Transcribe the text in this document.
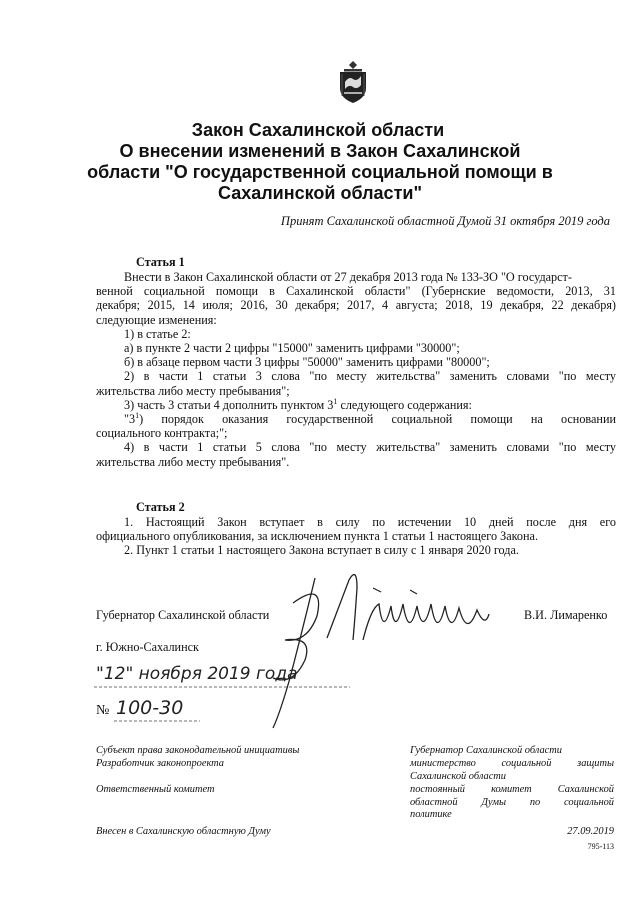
Закон Сахалинской области
О внесении изменений в Закон Сахалинской
области "О государственной социальной помощи в
Сахалинской области"
Принят Сахалинской областной Думой 31 октября 2019 года
Статья 1
Внести в Закон Сахалинской области от 27 декабря 2013 года № 133-ЗО "О государст-
венной социальной помощи в Сахалинской области" (Губернские ведомости, 2013, 31
декабря; 2015, 14 июля; 2016, 30 декабря; 2017, 4 августа; 2018, 19 декабря, 22 декабря)
следующие изменения:
1) в статье 2:
а) в пункте 2 части 2 цифры "15000" заменить цифрами "30000";
б) в абзаце первом части 3 цифры "50000" заменить цифрами "80000";
2) в части 1 статьи 3 слова "по месту жительства" заменить словами "по месту
жительства либо месту пребывания";
3) часть 3 статьи 4 дополнить пунктом $3^1$ следующего содержания:
"$3^1$) порядок оказания государственной социальной помощи на основании
социального контракта;";
4) в части 1 статьи 5 слова "по месту жительства" заменить словами "по месту
жительства либо месту пребывания".
Статья 2
1. Настоящий Закон вступает в силу по истечении 10 дней после дня его
официального опубликования, за исключением пункта 1 статьи 1 настоящего Закона.
2. Пункт 1 статьи 1 настоящего Закона вступает в силу с 1 января 2020 года.
Губернатор Сахалинской области	В.И. Лимаренко
г. Южно-Сахалинск
"12" ноября 2019 года
№ 100-30
Субъект права законодательной инициативы
Разработчик законопроекта
Ответственный комитет
Внесен в Сахалинскую областную Думу
Губернатор Сахалинской области
министерство социальной защиты
Сахалинской области
постоянный комитет Сахалинской
областной Думы по социальной
политике
27.09.2019
795-113
